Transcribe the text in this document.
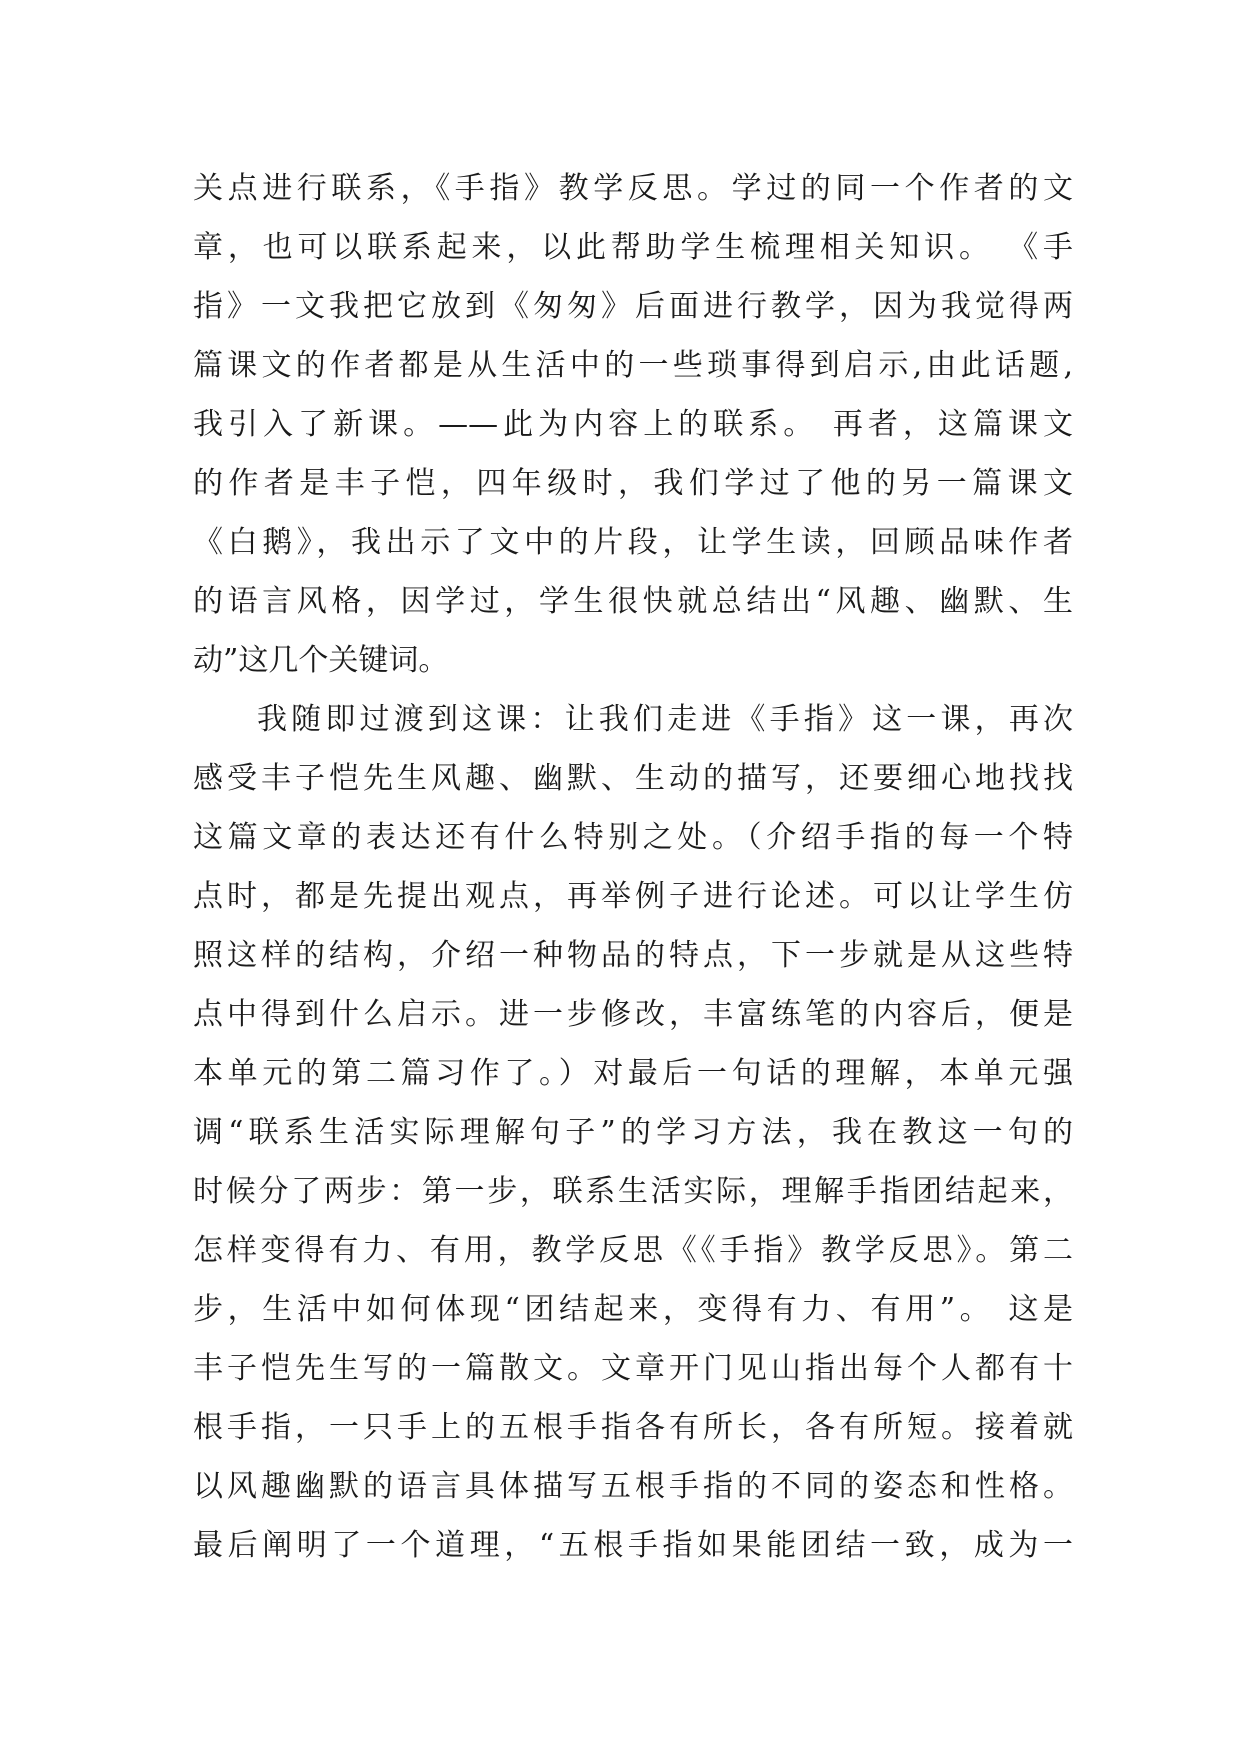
关点进行联系，《手指》教学反思。学过的同一个作者的文
章，也可以联系起来，以此帮助学生梳理相关知识。 《手
指》一文我把它放到《匆匆》后面进行教学，因为我觉得两
篇课文的作者都是从生活中的一些琐事得到启示,由此话题,
我引入了新课。——此为内容上的联系。 再者，这篇课文
的作者是丰子恺，四年级时，我们学过了他的另一篇课文
《白鹅》，我出示了文中的片段，让学生读，回顾品味作者
的语言风格，因学过，学生很快就总结出“风趣、幽默、生
动”这几个关键词。
我随即过渡到这课：让我们走进《手指》这一课，再次
感受丰子恺先生风趣、幽默、生动的描写，还要细心地找找
这篇文章的表达还有什么特别之处。（介绍手指的每一个特
点时，都是先提出观点，再举例子进行论述。可以让学生仿
照这样的结构，介绍一种物品的特点，下一步就是从这些特
点中得到什么启示。进一步修改，丰富练笔的内容后，便是
本单元的第二篇习作了。）对最后一句话的理解，本单元强
调“联系生活实际理解句子”的学习方法，我在教这一句的
时候分了两步：第一步，联系生活实际，理解手指团结起来，
怎样变得有力、有用，教学反思《《手指》教学反思》。第二
步，生活中如何体现“团结起来，变得有力、有用”。 这是
丰子恺先生写的一篇散文。文章开门见山指出每个人都有十
根手指，一只手上的五根手指各有所长，各有所短。接着就
以风趣幽默的语言具体描写五根手指的不同的姿态和性格。
最后阐明了一个道理，“五根手指如果能团结一致，成为一
